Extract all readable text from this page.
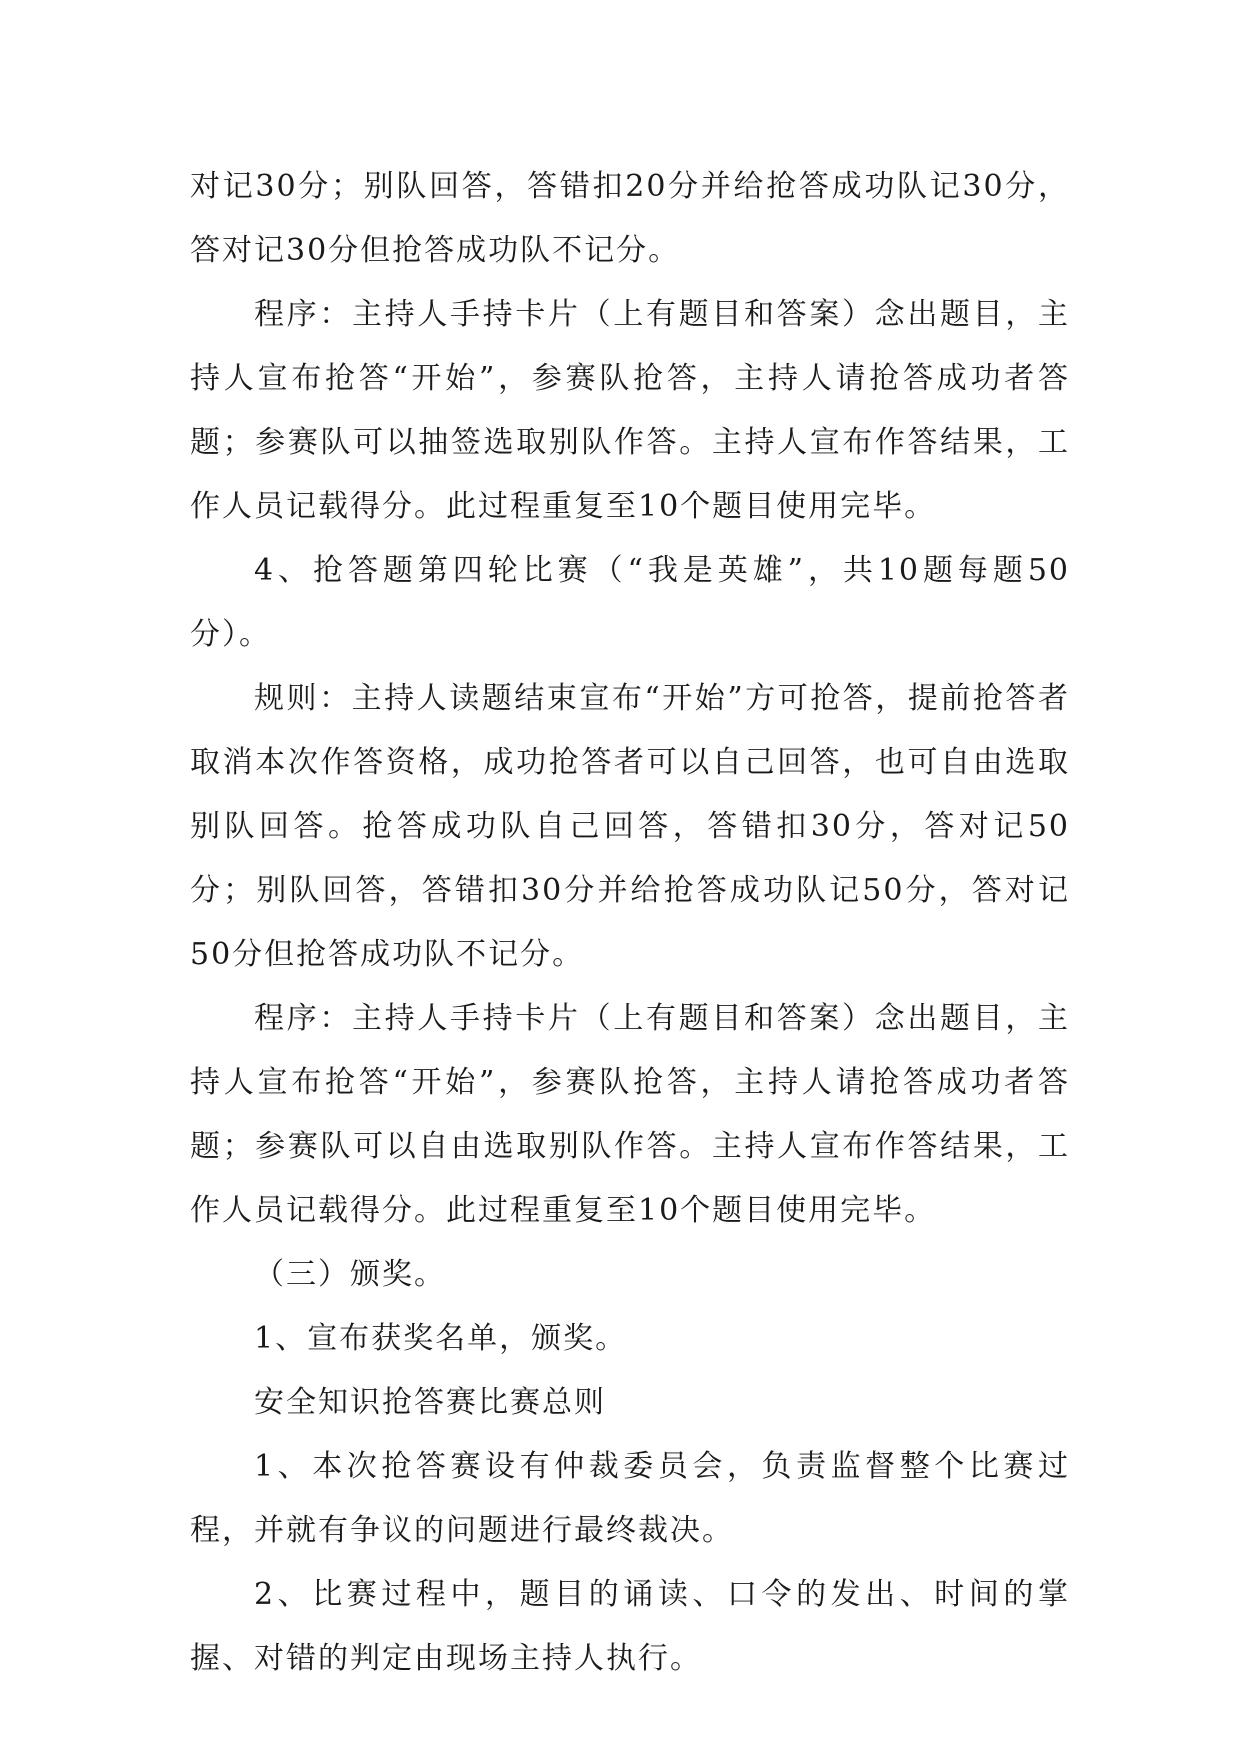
对记30分；别队回答，答错扣20分并给抢答成功队记30分，答对记30分但抢答成功队不记分。

程序：主持人手持卡片（上有题目和答案）念出题目，主持人宣布抢答“开始”，参赛队抢答，主持人请抢答成功者答题；参赛队可以抽签选取别队作答。主持人宣布作答结果，工作人员记载得分。此过程重复至10个题目使用完毕。

4、抢答题第四轮比赛（“我是英雄”，共10题每题50分）。

规则：主持人读题结束宣布“开始”方可抢答，提前抢答者取消本次作答资格，成功抢答者可以自己回答，也可自由选取别队回答。抢答成功队自己回答，答错扣30分，答对记50分；别队回答，答错扣30分并给抢答成功队记50分，答对记50分但抢答成功队不记分。

程序：主持人手持卡片（上有题目和答案）念出题目，主持人宣布抢答“开始”，参赛队抢答，主持人请抢答成功者答题；参赛队可以自由选取别队作答。主持人宣布作答结果，工作人员记载得分。此过程重复至10个题目使用完毕。

（三）颁奖。

1、宣布获奖名单，颁奖。

安全知识抢答赛比赛总则

1、本次抢答赛设有仲裁委员会，负责监督整个比赛过程，并就有争议的问题进行最终裁决。

2、比赛过程中，题目的诵读、口令的发出、时间的掌握、对错的判定由现场主持人执行。
